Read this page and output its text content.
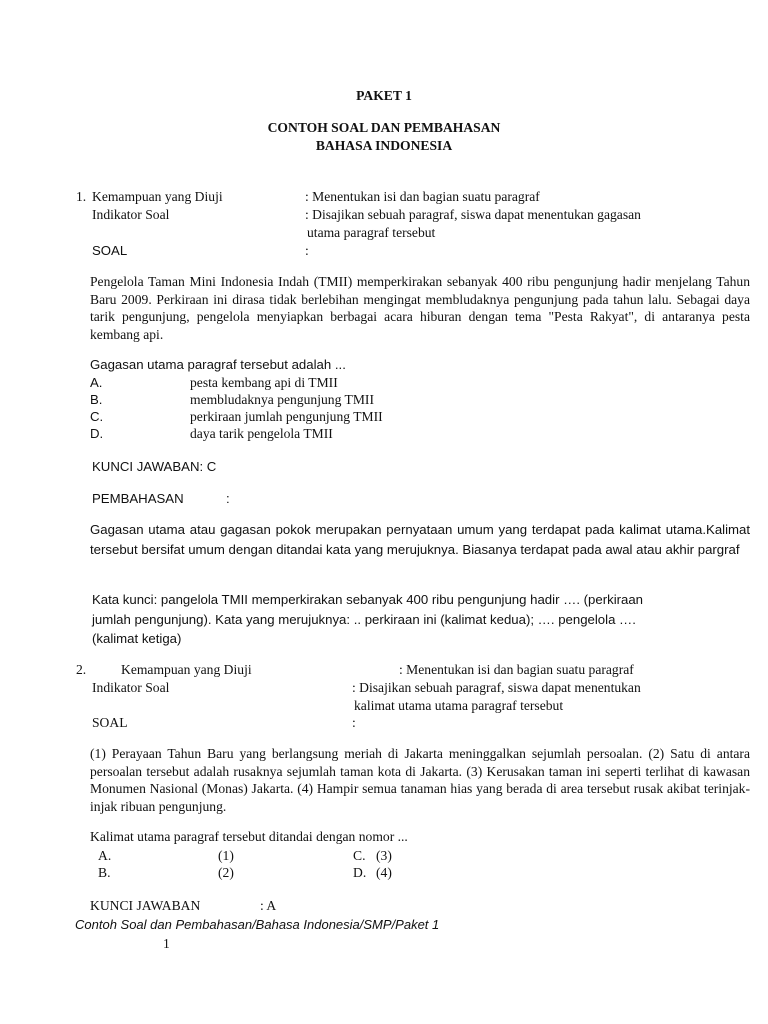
PAKET 1
CONTOH SOAL DAN PEMBAHASAN
BAHASA INDONESIA
1. Kemampuan yang Diuji	: Menentukan isi dan bagian suatu paragraf
Indikator Soal	: Disajikan sebuah paragraf, siswa dapat menentukan gagasan
utama paragraf tersebut
SOAL	:
Pengelola Taman Mini Indonesia Indah (TMII) memperkirakan sebanyak 400 ribu pengunjung hadir menjelang Tahun Baru 2009. Perkiraan ini dirasa tidak berlebihan mengingat membludaknya pengunjung pada tahun lalu. Sebagai daya tarik pengunjung, pengelola menyiapkan berbagai acara hiburan dengan tema "Pesta Rakyat", di antaranya pesta kembang api.
Gagasan utama paragraf tersebut adalah ...
A.	pesta kembang api di TMII
B.	membludaknya pengunjung TMII
C.	perkiraan jumlah pengunjung TMII
D.	daya tarik pengelola TMII
KUNCI JAWABAN: C
PEMBAHASAN	:
Gagasan utama atau gagasan pokok merupakan pernyataan umum yang terdapat pada kalimat utama.Kalimat tersebut bersifat umum dengan ditandai kata yang merujuknya. Biasanya terdapat pada awal atau akhir pargraf
Kata kunci: pangelola TMII memperkirakan sebanyak 400 ribu pengunjung hadir …. (perkiraan
jumlah pengunjung). Kata yang merujuknya: .. perkiraan ini (kalimat kedua); …. pengelola ….
(kalimat ketiga)
2.	Kemampuan yang Diuji	: Menentukan isi dan bagian suatu paragraf
Indikator Soal	: Disajikan sebuah paragraf, siswa dapat menentukan
kalimat utama utama paragraf tersebut
SOAL	:
(1) Perayaan Tahun Baru yang berlangsung meriah di Jakarta meninggalkan sejumlah persoalan. (2) Satu di antara persoalan tersebut adalah rusaknya sejumlah taman kota di Jakarta. (3) Kerusakan taman ini seperti terlihat di kawasan Monumen Nasional (Monas) Jakarta. (4) Hampir semua tanaman hias yang berada di area tersebut rusak akibat terinjak-injak ribuan pengunjung.
Kalimat utama paragraf tersebut ditandai dengan nomor ...
A.	(1)	C. (3)
B.	(2)	D. (4)
KUNCI JAWABAN	: A
Contoh Soal dan Pembahasan/Bahasa Indonesia/SMP/Paket 1
1
